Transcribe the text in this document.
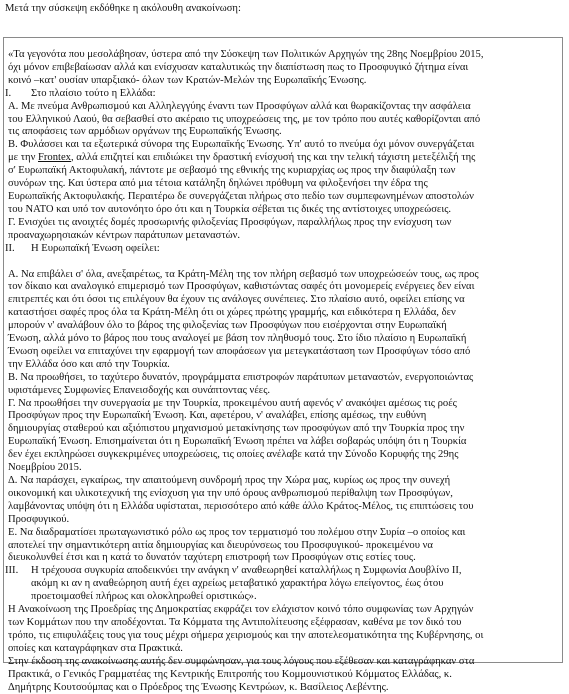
Μετά την σύσκεψη εκδόθηκε η ακόλουθη ανακοίνωση:

«Τα γεγονότα που μεσολάβησαν, ύστερα από την Σύσκεψη των Πολιτικών Αρχηγών της 28ης Νοεμβρίου 2015,

όχι μόνον επιβεβαίωσαν αλλά και ενίσχυσαν καταλυτικώς την διαπίστωση πως το Προσφυγικό ζήτημα είναι

κοινό –κατ' ουσίαν υπαρξιακό- όλων των Κρατών-Μελών της Ευρωπαϊκής Ένωσης.

I. Στο πλαίσιο τούτο η Ελλάδα:

Α. Με πνεύμα Ανθρωπισμού και Αλληλεγγύης έναντι των Προσφύγων αλλά και θωρακίζοντας την ασφάλεια

του Ελληνικού Λαού, θα σεβασθεί στο ακέραιο τις υποχρεώσεις της, με τον τρόπο που αυτές καθορίζονται από

τις αποφάσεις των αρμόδιων οργάνων της Ευρωπαϊκής Ένωσης.

Β. Φυλάσσει και τα εξωτερικά σύνορα της Ευρωπαϊκής Ένωσης. Υπ' αυτό το πνεύμα όχι μόνον συνεργάζεται

με την Frontex, αλλά επιζητεί και επιδιώκει την δραστική ενίσχυσή της και την τελική τάχιστη μετεξέλιξή της

σ' Ευρωπαϊκή Ακτοφυλακή, πάντοτε με σεβασμό της εθνικής της κυριαρχίας ως προς την διαφύλαξη των

συνόρων της. Και ύστερα από μια τέτοια κατάληξη δηλώνει πρόθυμη να φιλοξενήσει την έδρα της

Ευρωπαϊκής Ακτοφυλακής. Περαιτέρω δε συνεργάζεται πλήρως στο πεδίο των συμπεφωνημένων αποστολών

του ΝΑΤΟ και υπό τον αυτονόητο όρο ότι και η Τουρκία σέβεται τις δικές της αντίστοιχες υποχρεώσεις.

Γ. Ενισχύει τις ανοιχτές δομές προσωρινής φιλοξενίας Προσφύγων, παραλλήλως προς την ενίσχυση των

προαναχωρησιακών κέντρων παράτυπων μεταναστών.

II. Η Ευρωπαϊκή Ένωση οφείλει:

Α. Να επιβάλει σ' όλα, ανεξαιρέτως, τα Κράτη-Μέλη της τον πλήρη σεβασμό των υποχρεώσεών τους, ως προς

τον δίκαιο και αναλογικό επιμερισμό των Προσφύγων, καθιστώντας σαφές ότι μονομερείς ενέργειες δεν είναι

επιτρεπτές και ότι όσοι τις επιλέγουν θα έχουν τις ανάλογες συνέπειες. Στο πλαίσιο αυτό, οφείλει επίσης να

καταστήσει σαφές προς όλα τα Κράτη-Μέλη ότι οι χώρες πρώτης γραμμής, και ειδικότερα η Ελλάδα, δεν

μπορούν ν' αναλάβουν όλο το βάρος της φιλοξενίας των Προσφύγων που εισέρχονται στην Ευρωπαϊκή

Ένωση, αλλά μόνο το βάρος που τους αναλογεί με βάση τον πληθυσμό τους. Στο ίδιο πλαίσιο η Ευρωπαϊκή

Ένωση οφείλει να επιταχύνει την εφαρμογή των αποφάσεων για μετεγκατάσταση των Προσφύγων τόσο από

την Ελλάδα όσο και από την Τουρκία.

Β. Να προωθήσει, το ταχύτερο δυνατόν, προγράμματα επιστροφών παράτυπων μεταναστών, ενεργοποιώντας

υφιστάμενες Συμφωνίες Επανεισδοχής και συνάπτοντας νέες.

Γ. Να προωθήσει την συνεργασία με την Τουρκία, προκειμένου αυτή αφενός ν' ανακόψει αμέσως τις ροές

Προσφύγων προς την Ευρωπαϊκή Ένωση. Και, αφετέρου, ν' αναλάβει, επίσης αμέσως, την ευθύνη

δημιουργίας σταθερού και αξιόπιστου μηχανισμού μετακίνησης των προσφύγων από την Τουρκία προς την

Ευρωπαϊκή Ένωση. Επισημαίνεται ότι η Ευρωπαϊκή Ένωση πρέπει να λάβει σοβαρώς υπόψη ότι η Τουρκία

δεν έχει εκπληρώσει συγκεκριμένες υποχρεώσεις, τις οποίες ανέλαβε κατά την Σύνοδο Κορυφής της 29ης

Νοεμβρίου 2015.

Δ. Να παράσχει, εγκαίρως, την απαιτούμενη συνδρομή προς την Χώρα μας, κυρίως ως προς την συνεχή

οικονομική και υλικοτεχνική της ενίσχυση για την υπό όρους ανθρωπισμού περίθαλψη των Προσφύγων,

λαμβάνοντας υπόψη ότι η Ελλάδα υφίσταται, περισσότερο από κάθε άλλο Κράτος-Μέλος, τις επιπτώσεις του

Προσφυγικού.

Ε. Να διαδραματίσει πρωταγωνιστικό ρόλο ως προς τον τερματισμό του πολέμου στην Συρία –ο οποίος και

αποτελεί την σημαντικότερη αιτία δημιουργίας και διευρύνσεως του Προσφυγικού- προκειμένου να

διευκολυνθεί έτσι και η κατά το δυνατόν ταχύτερη επιστροφή των Προσφύγων στις εστίες τους.

III. Η τρέχουσα συγκυρία αποδεικνύει την ανάγκη ν' αναθεωρηθεί καταλλήλως η Συμφωνία Δουβλίνο ΙΙ,

ακόμη κι αν η αναθεώρηση αυτή έχει αχρείως μεταβατικό χαρακτήρα λόγω επείγοντος, έως ότου

προετοιμασθεί πλήρως και ολοκληρωθεί οριστικώς».

Η Ανακοίνωση της Προεδρίας της Δημοκρατίας εκφράζει τον ελάχιστον κοινό τόπο συμφωνίας των Αρχηγών

των Κομμάτων που την αποδέχονται. Τα Κόμματα της Αντιπολίτευσης εξέφρασαν, καθένα με τον δικό του

τρόπο, τις επιφυλάξεις τους για τους μέχρι σήμερα χειρισμούς και την αποτελεσματικότητα της Κυβέρνησης, οι

οποίες και καταγράφηκαν στα Πρακτικά.

Στην έκδοση της ανακοίνωσης αυτής δεν συμφώνησαν, για τους λόγους που εξέθεσαν και καταγράφηκαν στα

Πρακτικά, ο Γενικός Γραμματέας της Κεντρικής Επιτροπής του Κομμουνιστικού Κόμματος Ελλάδας, κ.

Δημήτρης Κουτσούμπας και ο Πρόεδρος της Ένωσης Κεντρώων, κ. Βασίλειος Λεβέντης.
